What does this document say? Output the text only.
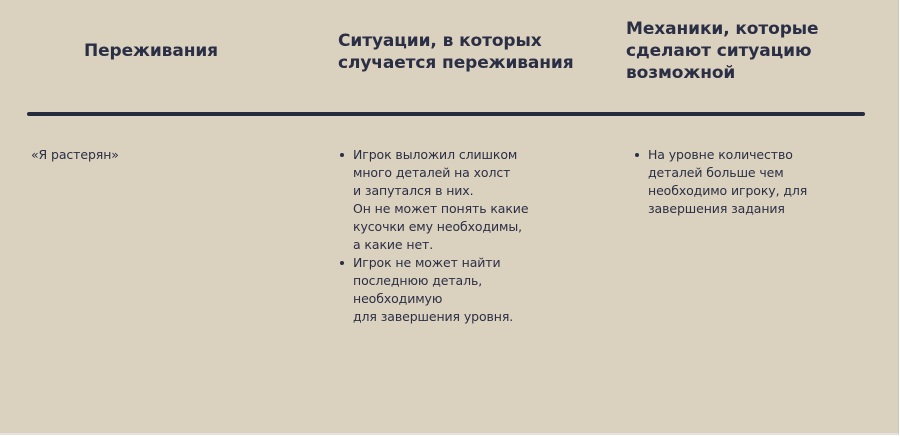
Переживания	Ситуации, в которых
случается переживания
Механики, которые
сделают ситуацию
возможной
«Я растерян»	Игрок выложил слишком
много деталей на холст
и запутался в них.
Он не может понять какие
кусочки ему необходимы,
а какие нет.
Игрок не может найти
последнюю деталь,
необходимую
для завершения уровня.
На уровне количество
деталей больше чем
необходимо игроку, для
завершения задания
